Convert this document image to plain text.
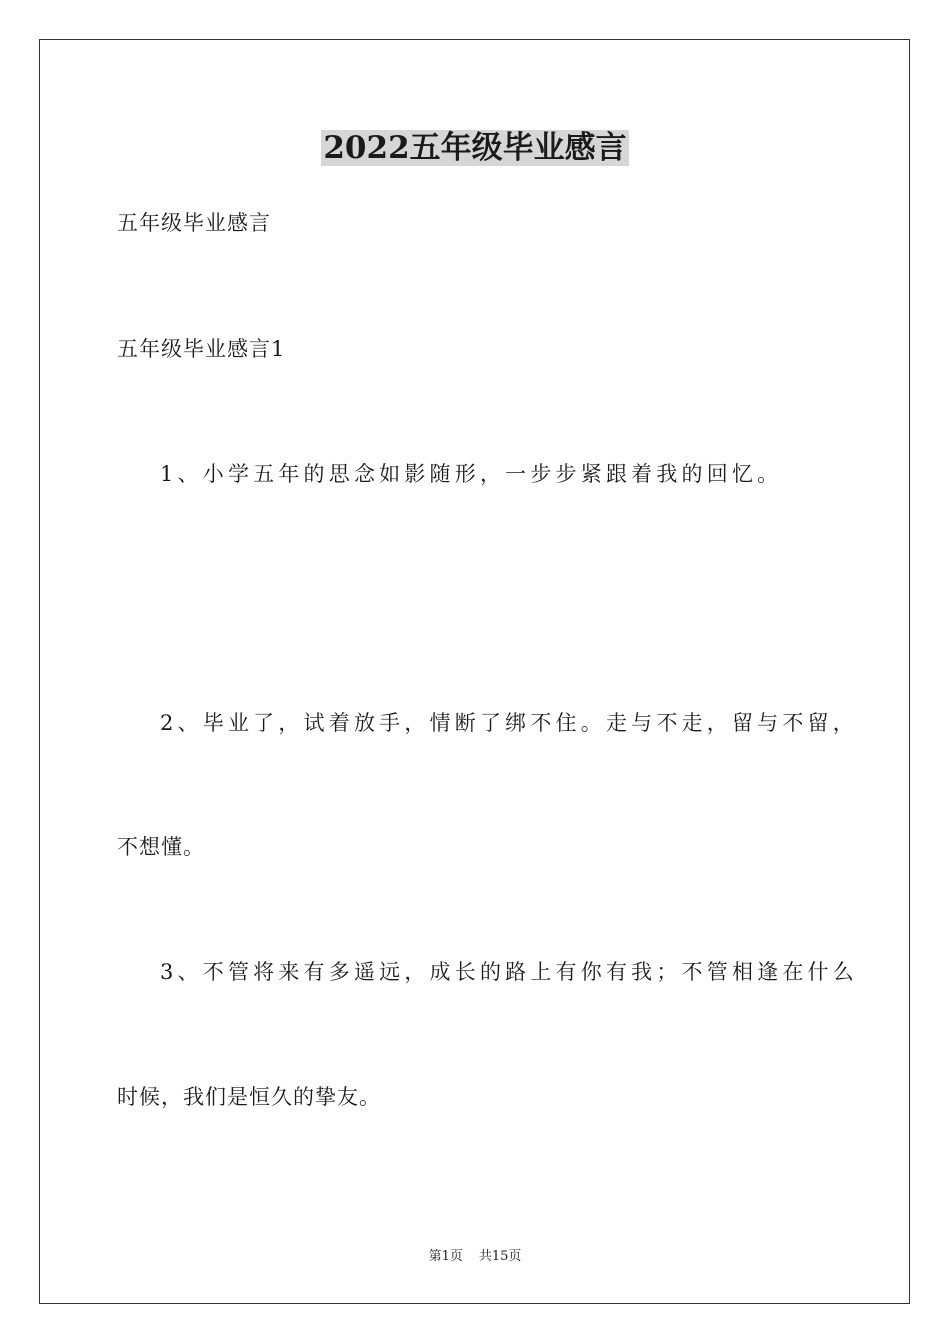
2022五年级毕业感言
五年级毕业感言
五年级毕业感言1
1、小学五年的思念如影随形，一步步紧跟着我的回忆。
2、毕业了，试着放手，情断了绑不住。走与不走，留与不留，
不想懂。
3、不管将来有多遥远，成长的路上有你有我；不管相逢在什么
时候，我们是恒久的挚友。
第1页 共15页
